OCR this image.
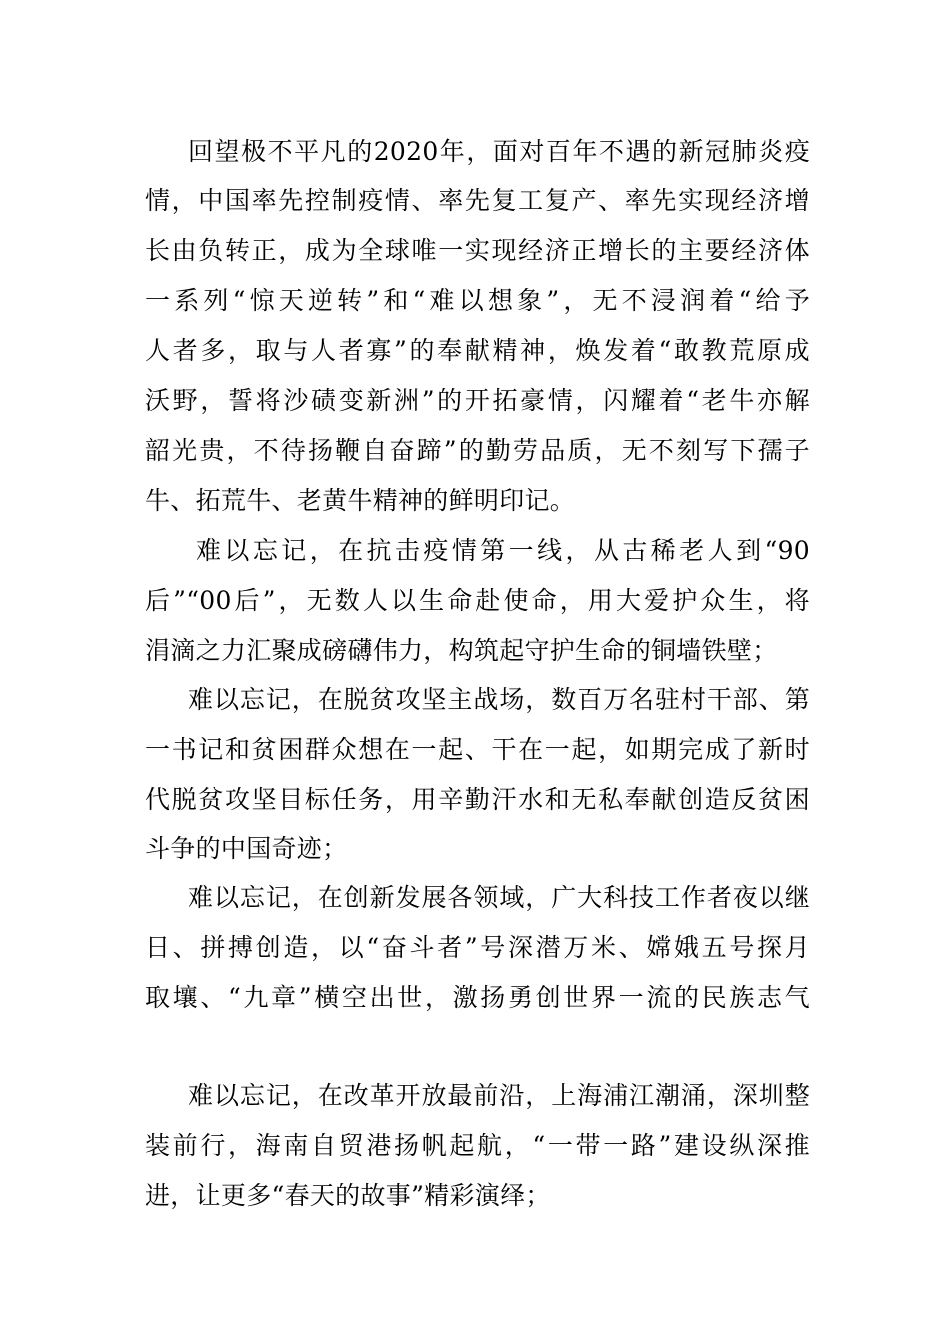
回望极不平凡的2020年，面对百年不遇的新冠肺炎疫
情，中国率先控制疫情、率先复工复产、率先实现经济增
长由负转正，成为全球唯一实现经济正增长的主要经济体
一系列“惊天逆转”和“难以想象”，无不浸润着“给予
人者多，取与人者寡”的奉献精神，焕发着“敢教荒原成
沃野，誓将沙碛变新洲”的开拓豪情，闪耀着“老牛亦解
韶光贵，不待扬鞭自奋蹄”的勤劳品质，无不刻写下孺子
牛、拓荒牛、老黄牛精神的鲜明印记。
难以忘记，在抗击疫情第一线，从古稀老人到“90
后”“00后”，无数人以生命赴使命，用大爱护众生，将
涓滴之力汇聚成磅礴伟力，构筑起守护生命的铜墙铁壁；
难以忘记，在脱贫攻坚主战场，数百万名驻村干部、第
一书记和贫困群众想在一起、干在一起，如期完成了新时
代脱贫攻坚目标任务，用辛勤汗水和无私奉献创造反贫困
斗争的中国奇迹；
难以忘记，在创新发展各领域，广大科技工作者夜以继
日、拼搏创造，以“奋斗者”号深潜万米、嫦娥五号探月
取壤、“九章”横空出世，激扬勇创世界一流的民族志气
难以忘记，在改革开放最前沿，上海浦江潮涌，深圳整
装前行，海南自贸港扬帆起航，“一带一路”建设纵深推
进，让更多“春天的故事”精彩演绎；
